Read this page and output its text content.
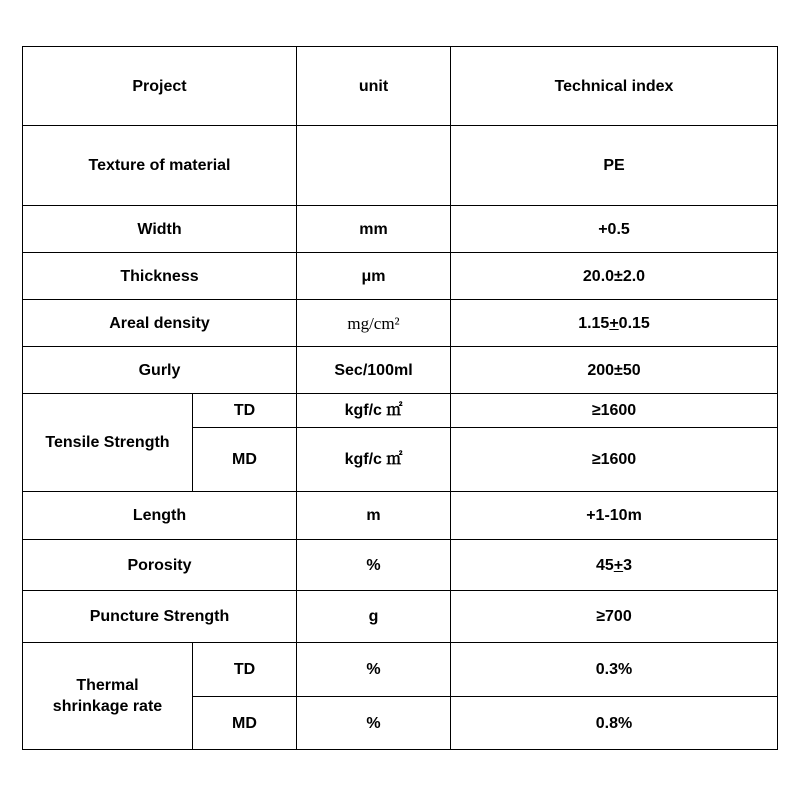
Project		unit	Technical index
Texture of material			PE
Width		mm	+0.5
Thickness		μm	20.0±2.0
Areal density		mg/cm²	1.15+0.15
Gurly		Sec/100ml	200±50
Tensile Strength	TD	kgf/c ㎡	≥1600
	MD	kgf/c ㎡	≥1600
Length		m	+1-10m
Porosity		%	45+3
Puncture Strength		g	≥700
Thermal
shrinkage rate	TD	%	0.3%
	MD	%	0.8%
